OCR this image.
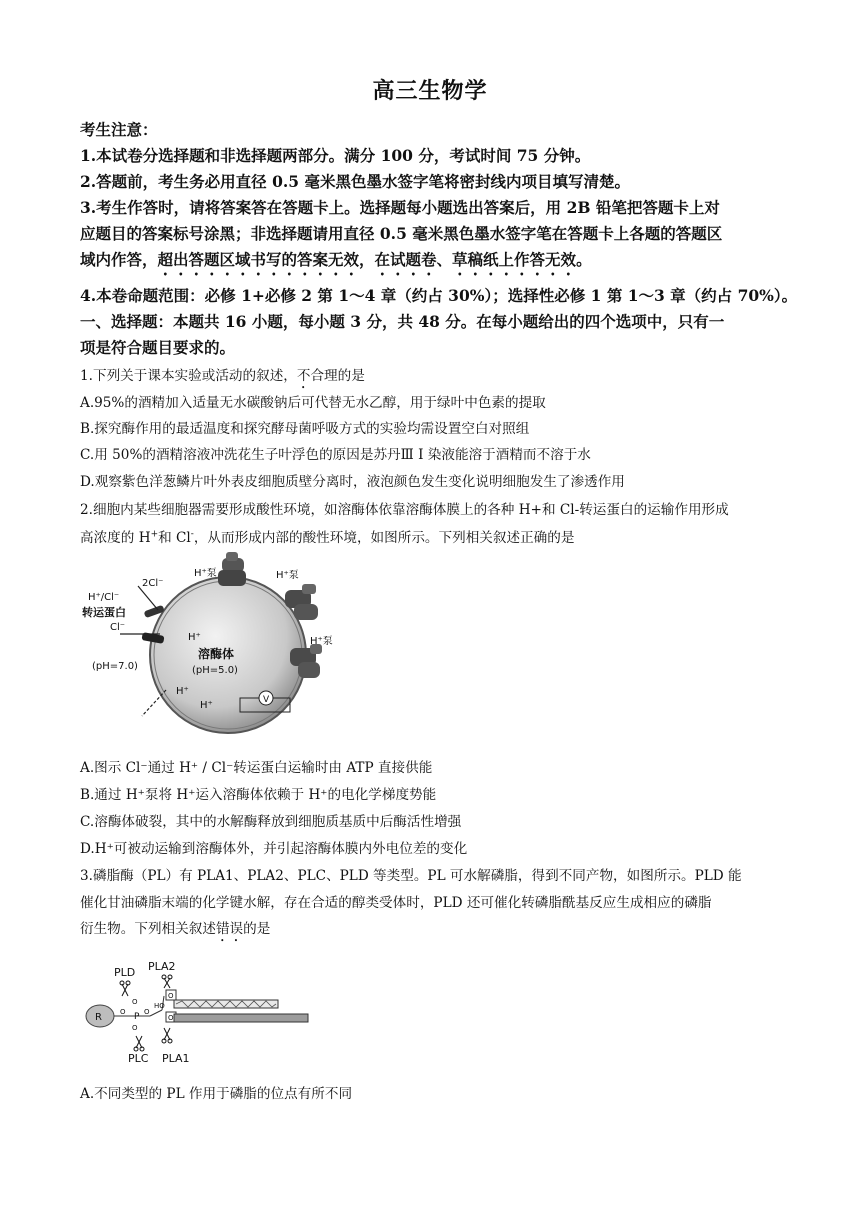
高三生物学
考生注意：
1.本试卷分选择题和非选择题两部分。满分 100 分，考试时间 75 分钟。
2.答题前，考生务必用直径 0.5 毫米黑色墨水签字笔将密封线内项目填写清楚。
3.考生作答时，请将答案答在答题卡上。选择题每小题选出答案后，用 2B 铅笔把答题卡上对
应题目的答案标号涂黑；非选择题请用直径 0.5 毫米黑色墨水签字笔在答题卡上各题的答题区
域内作答，超出答题区域书写的答案无效，在试题卷、草稿纸上作答无效。
4.本卷命题范围：必修 1+必修 2 第 1～4 章（约占 30%）；选择性必修 1 第 1～3 章（约占 70%）。
一、选择题：本题共 16 小题，每小题 3 分，共 48 分。在每小题给出的四个选项中，只有一
项是符合题目要求的。
1.下列关于课本实验或活动的叙述，不合理的是
A.95%的酒精加入适量无水碳酸钠后可代替无水乙醇，用于绿叶中色素的提取
B.探究酶作用的最适温度和探究酵母菌呼吸方式的实验均需设置空白对照组
C.用 50%的酒精溶液冲洗花生子叶浮色的原因是苏丹Ⅲ I 染液能溶于酒精而不溶于水
D.观察紫色洋葱鳞片叶外表皮细胞质壁分离时，液泡颜色发生变化说明细胞发生了渗透作用
2.细胞内某些细胞器需要形成酸性环境，如溶酶体依靠溶酶体膜上的各种 H+和 Cl-转运蛋白的运输作用形成
高浓度的 H+和 Cl-，从而形成内部的酸性环境，如图所示。下列相关叙述正确的是
V
H⁺泵	H⁺泵
H⁺泵
2Cl⁻
H⁺/Cl⁻
转运蛋白
Cl⁻
H⁺
溶酶体
(pH=5.0)
(pH=7.0)
H⁺
H⁺
A.图示 Cl⁻通过 H⁺ / Cl⁻转运蛋白运输时由 ATP 直接供能
B.通过 H⁺泵将 H⁺运入溶酶体依赖于 H⁺的电化学梯度势能
C.溶酶体破裂，其中的水解酶释放到细胞质基质中后酶活性增强
D.H⁺可被动运输到溶酶体外，并引起溶酶体膜内外电位差的变化
3.磷脂酶（PL）有 PLA1、PLA2、PLC、PLD 等类型。PL 可水解磷脂，得到不同产物，如图所示。PLD 能
催化甘油磷脂末端的化学键水解，存在合适的醇类受体时，PLD 还可催化转磷脂酰基反应生成相应的磷脂
衍生物。下列相关叙述错误的是
R	O P
O
O
O
HO
O
O
PLD PLA2
PLC PLA1
A.不同类型的 PL 作用于磷脂的位点有所不同
